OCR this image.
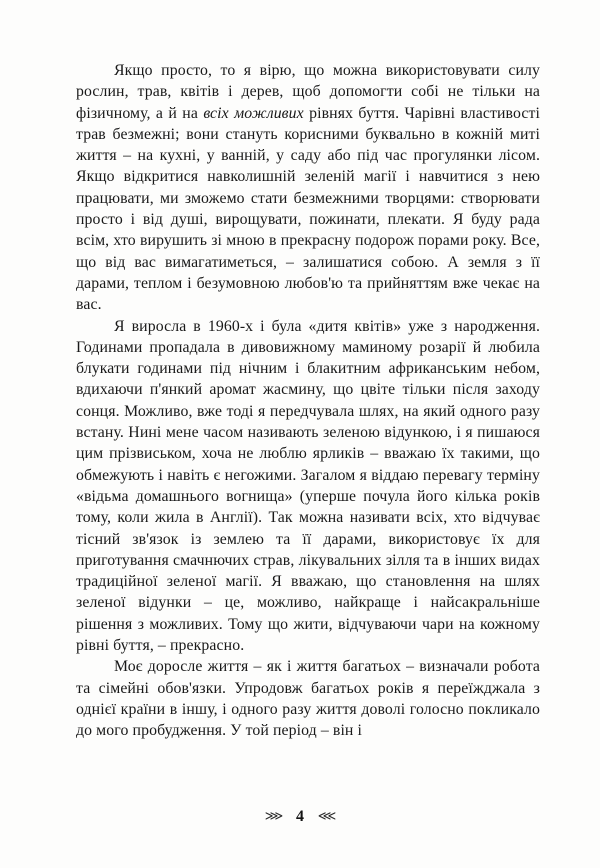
Якщо просто, то я вірю, що можна використовувати силу рослин, трав, квітів і дерев, щоб допомогти собі не тільки на фізичному, а й на всіх можливих рівнях буття. Чарівні властивості трав безмежні; вони стануть корисними буквально в кожній миті життя – на кухні, у ванній, у саду або під час прогулянки лісом. Якщо відкритися навколишній зеленій магії і навчитися з нею працювати, ми зможемо стати безмежними творцями: створювати просто і від душі, вирощувати, пожинати, плекати. Я буду рада всім, хто вирушить зі мною в прекрасну подорож порами року. Все, що від вас вимагатиметься, – залишатися собою. А земля з її дарами, теплом і безумовною любов'ю та прийняттям вже чекає на вас.

Я виросла в 1960-х і була «дитя квітів» уже з народження. Годинами пропадала в дивовижному маминому розарії й любила блукати годинами під нічним і блакитним африканським небом, вдихаючи п'янкий аромат жасмину, що цвіте тільки після заходу сонця. Можливо, вже тоді я передчувала шлях, на який одного разу встану. Нині мене часом називають зеленою відункою, і я пишаюся цим прізвиськом, хоча не люблю ярликів – вважаю їх такими, що обмежують і навіть є негожими. Загалом я віддаю перевагу терміну «відьма домашнього вогнища» (уперше почула його кілька років тому, коли жила в Англії). Так можна називати всіх, хто відчуває тісний зв'язок із землею та її дарами, використовує їх для приготування смачнючих страв, лікувальних зілля та в інших видах традиційної зеленої магії. Я вважаю, що становлення на шлях зеленої відунки – це, можливо, найкраще і найсакральніше рішення з можливих. Тому що жити, відчуваючи чари на кожному рівні буття, – прекрасно.

Моє доросле життя – як і життя багатьох – визначали робота та сімейні обов'язки. Упродовж багатьох років я переїжджала з однієї країни в іншу, і одного разу життя доволі голосно покликало до мого пробудження. У той період – він і

⋙ 4 ⋘
